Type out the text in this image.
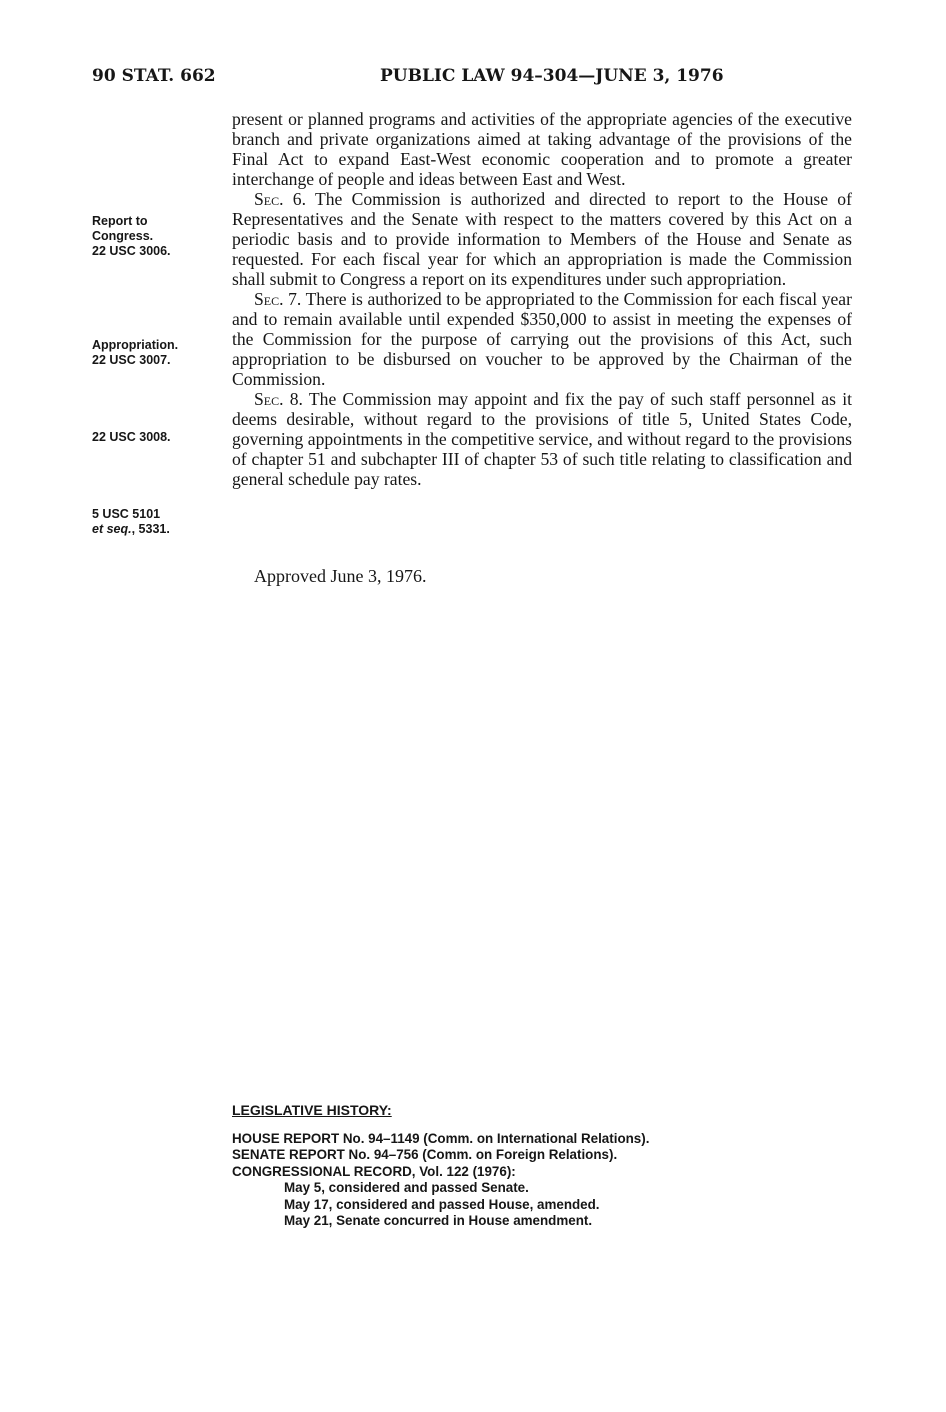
90 STAT. 662	PUBLIC LAW 94–304—JUNE 3, 1976
Report to
Congress.
22 USC 3006.
Appropriation.
22 USC 3007.
22 USC 3008.
5 USC 5101
et seq., 5331.

present or planned programs and activities of the appropriate agencies of the executive branch and private organizations aimed at taking advantage of the provisions of the Final Act to expand East-West economic cooperation and to promote a greater interchange of people and ideas between East and West.

Sec. 6. The Commission is authorized and directed to report to the House of Representatives and the Senate with respect to the matters covered by this Act on a periodic basis and to provide information to Members of the House and Senate as requested. For each fiscal year for which an appropriation is made the Commission shall submit to Congress a report on its expenditures under such appropriation.

Sec. 7. There is authorized to be appropriated to the Commission for each fiscal year and to remain available until expended $350,000 to assist in meeting the expenses of the Commission for the purpose of carrying out the provisions of this Act, such appropriation to be disbursed on voucher to be approved by the Chairman of the Commission.

Sec. 8. The Commission may appoint and fix the pay of such staff personnel as it deems desirable, without regard to the provisions of title 5, United States Code, governing appointments in the competitive service, and without regard to the provisions of chapter 51 and subchapter III of chapter 53 of such title relating to classification and general schedule pay rates.

Approved June 3, 1976.
LEGISLATIVE HISTORY:
HOUSE REPORT No. 94–1149 (Comm. on International Relations).
SENATE REPORT No. 94–756 (Comm. on Foreign Relations).
CONGRESSIONAL RECORD, Vol. 122 (1976):
May 5, considered and passed Senate.
May 17, considered and passed House, amended.
May 21, Senate concurred in House amendment.
